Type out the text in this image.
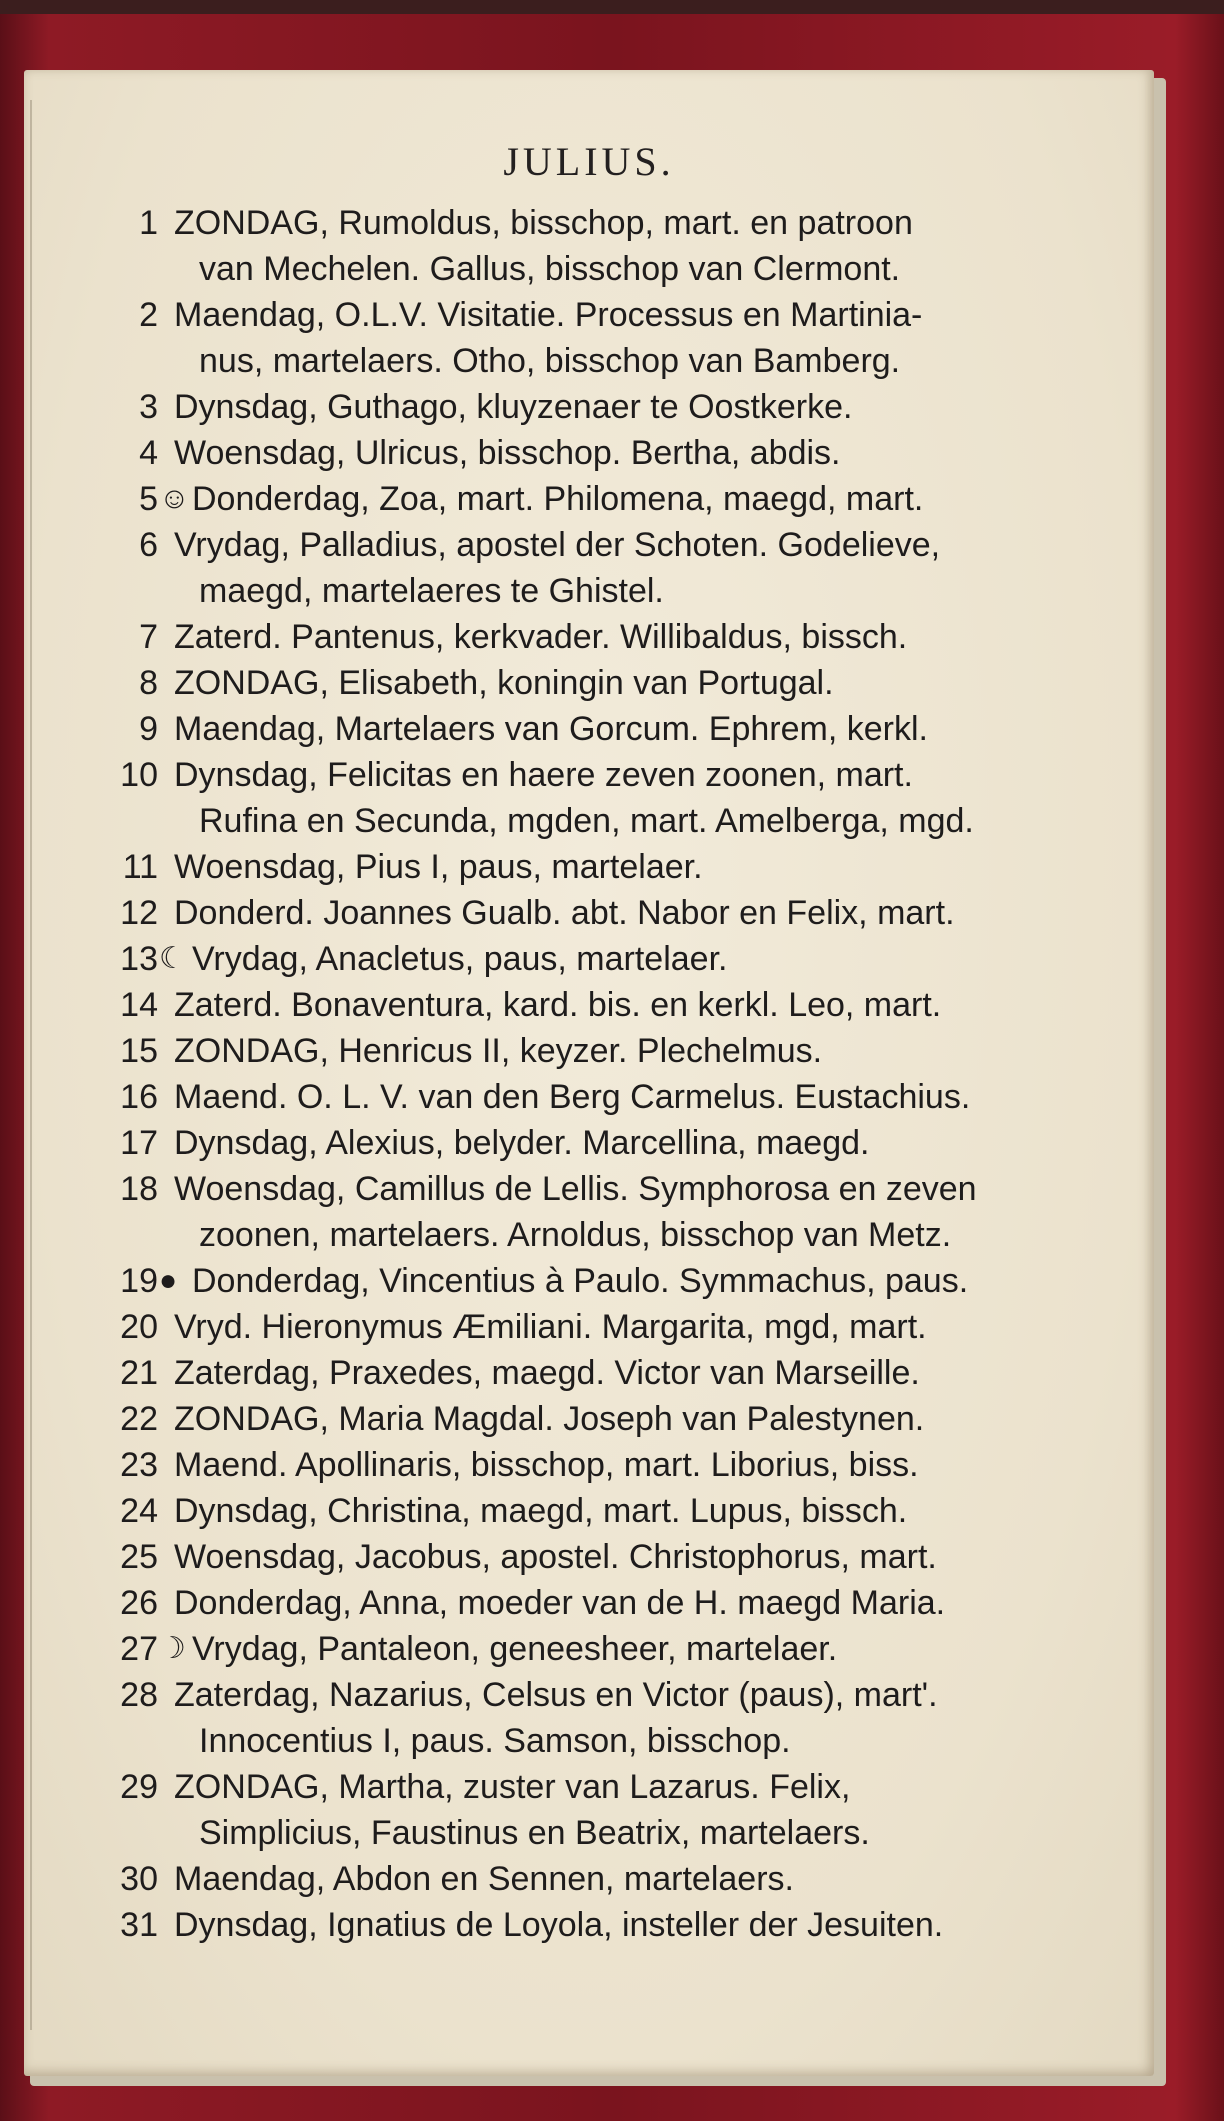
JULIUS.
1 ZONDAG, Rumoldus, bisschop, mart. en patroon
van Mechelen. Gallus, bisschop van Clermont.
2 Maendag, O.L.V. Visitatie. Processus en Martinia-
nus, martelaers. Otho, bisschop van Bamberg.
3 Dynsdag, Guthago, kluyzenaer te Oostkerke.
4 Woensdag, Ulricus, bisschop. Bertha, abdis.
5 ☺ Donderdag, Zoa, mart. Philomena, maegd, mart.
6 Vrydag, Palladius, apostel der Schoten. Godelieve,
maegd, martelaeres te Ghistel.
7 Zaterd. Pantenus, kerkvader. Willibaldus, bissch.
8 ZONDAG, Elisabeth, koningin van Portugal.
9 Maendag, Martelaers van Gorcum. Ephrem, kerkl.
10 Dynsdag, Felicitas en haere zeven zoonen, mart.
Rufina en Secunda, mgden, mart. Amelberga, mgd.
11 Woensdag, Pius I, paus, martelaer.
12 Donderd. Joannes Gualb. abt. Nabor en Felix, mart.
13 ☾ Vrydag, Anacletus, paus, martelaer.
14 Zaterd. Bonaventura, kard. bis. en kerkl. Leo, mart.
15 ZONDAG, Henricus II, keyzer. Plechelmus.
16 Maend. O. L. V. van den Berg Carmelus. Eustachius.
17 Dynsdag, Alexius, belyder. Marcellina, maegd.
18 Woensdag, Camillus de Lellis. Symphorosa en zeven
zoonen, martelaers. Arnoldus, bisschop van Metz.
19 ● Donderdag, Vincentius à Paulo. Symmachus, paus.
20 Vryd. Hieronymus Æmiliani. Margarita, mgd, mart.
21 Zaterdag, Praxedes, maegd. Victor van Marseille.
22 ZONDAG, Maria Magdal. Joseph van Palestynen.
23 Maend. Apollinaris, bisschop, mart. Liborius, biss.
24 Dynsdag, Christina, maegd, mart. Lupus, bissch.
25 Woensdag, Jacobus, apostel. Christophorus, mart.
26 Donderdag, Anna, moeder van de H. maegd Maria.
27 ☽ Vrydag, Pantaleon, geneesheer, martelaer.
28 Zaterdag, Nazarius, Celsus en Victor (paus), mart'.
Innocentius I, paus. Samson, bisschop.
29 ZONDAG, Martha, zuster van Lazarus. Felix,
Simplicius, Faustinus en Beatrix, martelaers.
30 Maendag, Abdon en Sennen, martelaers.
31 Dynsdag, Ignatius de Loyola, insteller der Jesuiten.
